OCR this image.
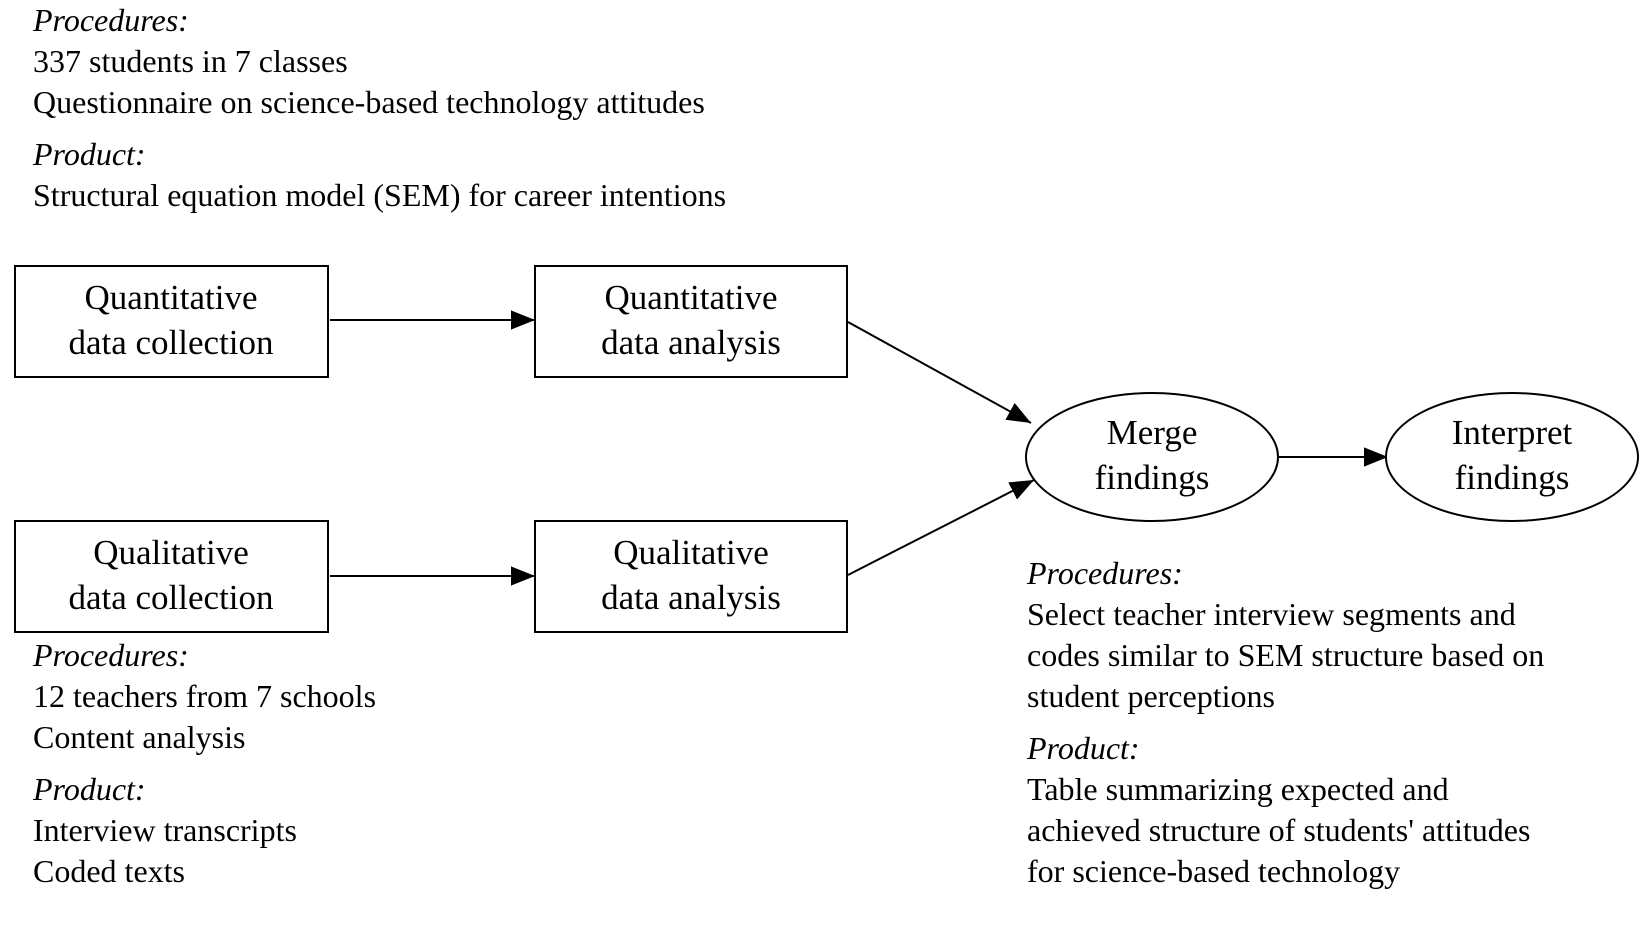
Procedures:
337 students in 7 classes
Questionnaire on science-based technology attitudes
Product:
Structural equation model (SEM) for career intentions
Procedures:
12 teachers from 7 schools
Content analysis
Product:
Interview transcripts
Coded texts
Procedures:
Select teacher interview segments and
codes similar to SEM structure based on
student perceptions
Product:
Table summarizing expected and
achieved structure of students' attitudes
for science-based technology
Quantitative
data collection
Quantitative
data analysis
Qualitative
data collection
Qualitative
data analysis
Merge
findings
Interpret
findings
